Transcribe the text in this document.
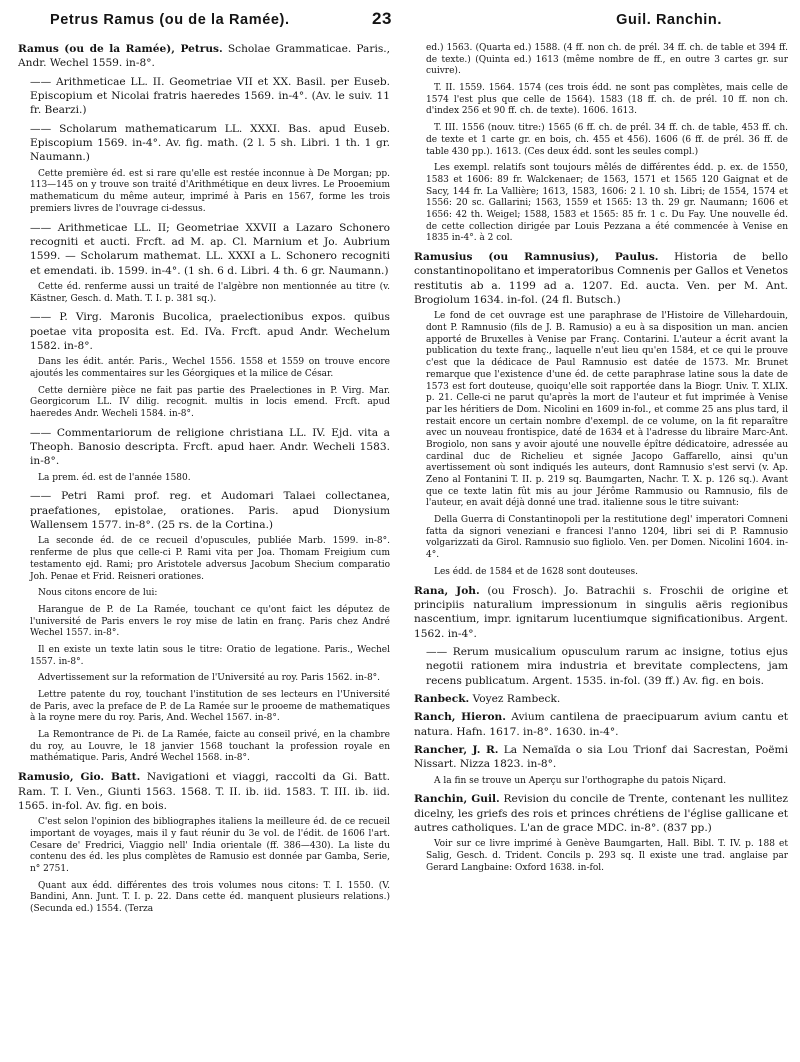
Petrus Ramus (ou de la Ramée).	23	Guil. Ranchin.
Ramus (ou de la Ramée), Petrus. Scholae Grammaticae. Paris., Andr. Wechel 1559. in-8°.
—— Arithmeticae LL. II. Geometriae VII et XX. Basil. per Euseb. Episcopium et Nicolai fratris haeredes 1569. in-4°. (Av. le suiv. 11 fr. Bearzi.)
—— Scholarum mathematicarum LL. XXXI. Bas. apud Euseb. Episcopium 1569. in-4°. Av. fig. math. (2 l. 5 sh. Libri. 1 th. 1 gr. Naumann.)
Cette première éd. est si rare qu'elle est restée inconnue à De Morgan; pp. 113—145 on y trouve son traité d'Arithmétique en deux livres. Le Prooemium mathematicum du même auteur, imprimé à Paris en 1567, forme les trois premiers livres de l'ouvrage ci-dessus.
—— Arithmeticae LL. II; Geometriae XXVII a Lazaro Schonero recogniti et aucti. Frcft. ad M. ap. Cl. Marnium et Jo. Aubrium 1599. — Scholarum mathemat. LL. XXXI a L. Schonero recogniti et emendati. ib. 1599. in-4°. (1 sh. 6 d. Libri. 4 th. 6 gr. Naumann.)
Cette éd. renferme aussi un traité de l'algèbre non mentionnée au titre (v. Kästner, Gesch. d. Math. T. I. p. 381 sq.).
—— P. Virg. Maronis Bucolica, praelectionibus expos. quibus poetae vita proposita est. Ed. IVa. Frcft. apud Andr. Wechelum 1582. in-8°.
Dans les édit. antér. Paris., Wechel 1556. 1558 et 1559 on trouve encore ajoutés les commentaires sur les Géorgiques et la milice de César.
Cette dernière pièce ne fait pas partie des Praelectiones in P. Virg. Mar. Georgicorum LL. IV dilig. recognit. multis in locis emend. Frcft. apud haeredes Andr. Wecheli 1584. in-8°.
—— Commentariorum de religione christiana LL. IV. Ejd. vita a Theoph. Banosio descripta. Frcft. apud haer. Andr. Wecheli 1583. in-8°.
La prem. éd. est de l'année 1580.
—— Petri Rami prof. reg. et Audomari Talaei collectanea, praefationes, epistolae, orationes. Paris. apud Dionysium Wallensem 1577. in-8°. (25 rs. de la Cortina.)
La seconde éd. de ce recueil d'opuscules, publiée Marb. 1599. in-8°. renferme de plus que celle-ci P. Rami vita per Joa. Thomam Freigium cum testamento ejd. Rami; pro Aristotele adversus Jacobum Shecium comparatio Joh. Penae et Frid. Reisneri orationes.
Nous citons encore de lui:
Harangue de P. de La Ramée, touchant ce qu'ont faict les députez de l'université de Paris envers le roy mise de latin en franç. Paris chez André Wechel 1557. in-8°.
Il en existe un texte latin sous le titre: Oratio de legatione. Paris., Wechel 1557. in-8°.
Advertissement sur la reformation de l'Université au roy. Paris 1562. in-8°.
Lettre patente du roy, touchant l'institution de ses lecteurs en l'Université de Paris, avec la preface de P. de La Ramée sur le prooeme de mathematiques à la royne mere du roy. Paris, And. Wechel 1567. in-8°.
La Remontrance de Pi. de La Ramée, faicte au conseil privé, en la chambre du roy, au Louvre, le 18 janvier 1568 touchant la profession royale en mathématique. Paris, André Wechel 1568. in-8°.
Ramusio, Gio. Batt. Navigationi et viaggi, raccolti da Gi. Batt. Ram. T. I. Ven., Giunti 1563. 1568. T. II. ib. iid. 1583. T. III. ib. iid. 1565. in-fol. Av. fig. en bois.
C'est selon l'opinion des bibliographes italiens la meilleure éd. de ce recueil important de voyages, mais il y faut réunir du 3e vol. de l'édit. de 1606 l'art. Cesare de' Fredrici, Viaggio nell' India orientale (ff. 386—430). La liste du contenu des éd. les plus complètes de Ramusio est donnée par Gamba, Serie, n° 2751.
Quant aux édd. différentes des trois volumes nous citons: T. I. 1550. (V. Bandini, Ann. Junt. T. I. p. 22. Dans cette éd. manquent plusieurs relations.) (Secunda ed.) 1554. (Terza
ed.) 1563. (Quarta ed.) 1588. (4 ff. non ch. de prél. 34 ff. ch. de table et 394 ff. de texte.) (Quinta ed.) 1613 (même nombre de ff., en outre 3 cartes gr. sur cuivre).
T. II. 1559. 1564. 1574 (ces trois édd. ne sont pas complètes, mais celle de 1574 l'est plus que celle de 1564). 1583 (18 ff. ch. de prél. 10 ff. non ch. d'index 256 et 90 ff. ch. de texte). 1606. 1613.
T. III. 1556 (nouv. titre:) 1565 (6 ff. ch. de prél. 34 ff. ch. de table, 453 ff. ch. de texte et 1 carte gr. en bois, ch. 455 et 456). 1606 (6 ff. de prél. 36 ff. de table 430 pp.). 1613. (Ces deux édd. sont les seules compl.)
Les exempl. relatifs sont toujours mêlés de différentes édd. p. ex. de 1550, 1583 et 1606: 89 fr. Walckenaer; de 1563, 1571 et 1565 120 Gaignat et de Sacy, 144 fr. La Vallière; 1613, 1583, 1606: 2 l. 10 sh. Libri; de 1554, 1574 et 1556: 20 sc. Gallarini; 1563, 1559 et 1565: 13 th. 29 gr. Naumann; 1606 et 1656: 42 th. Weigel; 1588, 1583 et 1565: 85 fr. 1 c. Du Fay. Une nouvelle éd. de cette collection dirigée par Louis Pezzana a été commencée à Venise en 1835 in-4°. à 2 col.
Ramusius (ou Ramnusius), Paulus. Historia de bello constantinopolitano et imperatoribus Comnenis per Gallos et Venetos restitutis ab a. 1199 ad a. 1207. Ed. aucta. Ven. per M. Ant. Brogiolum 1634. in-fol. (24 fl. Butsch.)
Le fond de cet ouvrage est une paraphrase de l'Histoire de Villehardouin, dont P. Ramnusio (fils de J. B. Ramusio) a eu à sa disposition un man. ancien apporté de Bruxelles à Venise par Franç. Contarini. L'auteur a écrit avant la publication du texte franç., laquelle n'eut lieu qu'en 1584, et ce qui le prouve c'est que la dédicace de Paul Ramnusio est datée de 1573. Mr. Brunet remarque que l'existence d'une éd. de cette paraphrase latine sous la date de 1573 est fort douteuse, quoiqu'elle soit rapportée dans la Biogr. Univ. T. XLIX. p. 21. Celle-ci ne parut qu'après la mort de l'auteur et fut imprimée à Venise par les héritiers de Dom. Nicolini en 1609 in-fol., et comme 25 ans plus tard, il restait encore un certain nombre d'exempl. de ce volume, on la fit reparaître avec un nouveau frontispice, daté de 1634 et à l'adresse du libraire Marc-Ant. Brogiolo, non sans y avoir ajouté une nouvelle épître dédicatoire, adressée au cardinal duc de Richelieu et signée Jacopo Gaffarello, ainsi qu'un avertissement où sont indiqués les auteurs, dont Ramnusio s'est servi (v. Ap. Zeno al Fontanini T. II. p. 219 sq. Baumgarten, Nachr. T. X. p. 126 sq.). Avant que ce texte latin fût mis au jour Jérôme Rammusio ou Ramnusio, fils de l'auteur, en avait déjà donné une trad. italienne sous le titre suivant:
Della Guerra di Constantinopoli per la restitutione degl' imperatori Comneni fatta da signori veneziani e francesi l'anno 1204, libri sei di P. Ramnusio volgarizzati da Girol. Ramnusio suo figliolo. Ven. per Domen. Nicolini 1604. in-4°.
Les édd. de 1584 et de 1628 sont douteuses.
Rana, Joh. (ou Frosch). Jo. Batrachii s. Froschii de origine et principiis naturalium impressionum in singulis aëris regionibus nascentium, impr. ignitarum lucentiumque significationibus. Argent. 1562. in-4°.
—— Rerum musicalium opusculum rarum ac insigne, totius ejus negotii rationem mira industria et brevitate complectens, jam recens publicatum. Argent. 1535. in-fol. (39 ff.) Av. fig. en bois.
Ranbeck. Voyez Rambeck.
Ranch, Hieron. Avium cantilena de praecipuarum avium cantu et natura. Hafn. 1617. in-8°. 1630. in-4°.
Rancher, J. R. La Nemaïda o sia Lou Trionf dai Sacrestan, Poëmi Nissart. Nizza 1823. in-8°.
A la fin se trouve un Aperçu sur l'orthographe du patois Niçard.
Ranchin, Guil. Revision du concile de Trente, contenant les nullitez dicelny, les griefs des rois et princes chrétiens de l'église gallicane et autres catholiques. L'an de grace MDC. in-8°. (837 pp.)
Voir sur ce livre imprimé à Genève Baumgarten, Hall. Bibl. T. IV. p. 188 et Salig, Gesch. d. Trident. Concils p. 293 sq. Il existe une trad. anglaise par Gerard Langbaine: Oxford 1638. in-fol.
